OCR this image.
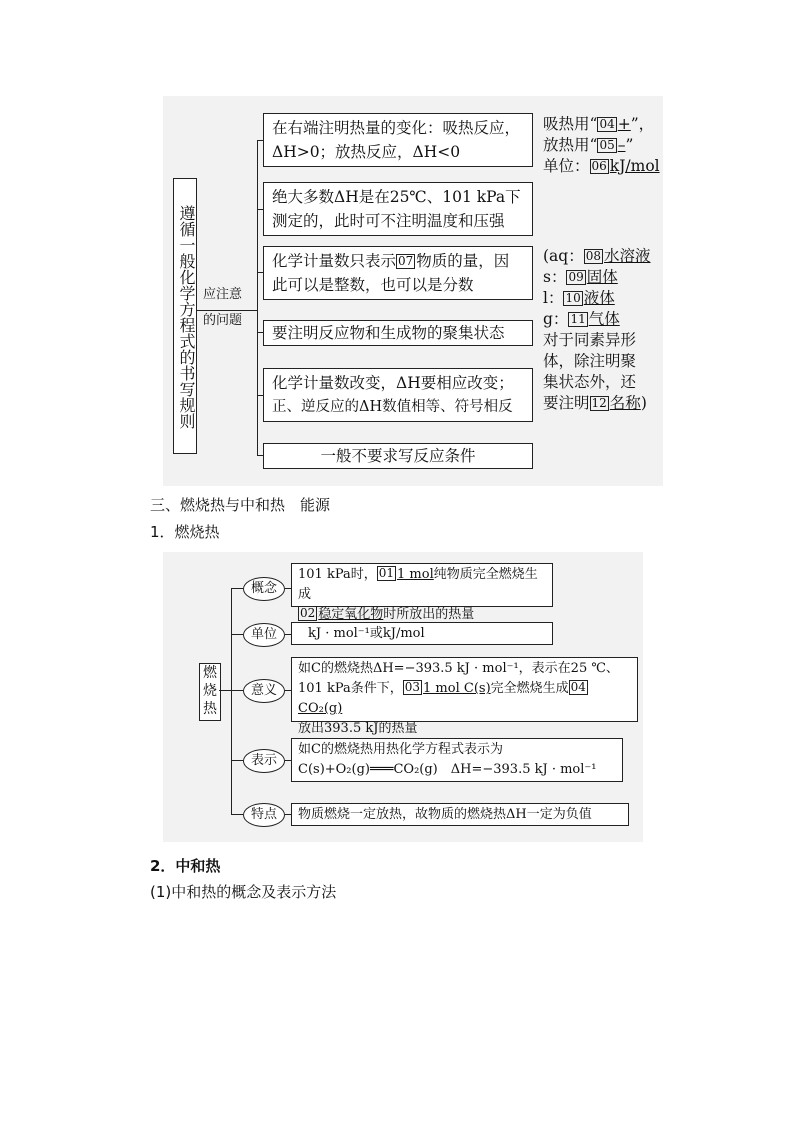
遵循一般化学方程式的书写规则 应注意
的问题
在右端注明热量的变化：吸热反应，
ΔH>0；放热反应，ΔH<0
绝大多数ΔH是在25℃、101 kPa下
测定的，此时可不注明温度和压强
化学计量数只表示 07 物质的量，因
此可以是整数，也可以是分数
要注明反应物和生成物的聚集状态
化学计量数改变，ΔH要相应改变；
正、逆反应的ΔH数值相等、符号相反
一般不要求写反应条件
吸热用“ 04 +”，
放热用“ 05 –”
单位： 06 kJ/mol
(aq： 08 水溶液
s： 09 固体
l： 10 液体
g： 11 气体
对于同素异形
体，除注明聚
集状态外，还
要注明 12 名称)
三、燃烧热与中和热　能源
1．燃烧热
燃烧热
概念
单位
意义
表示
特点
101 kPa时， 01 1 mol纯物质完全燃烧生成
02 稳定氧化物时所放出的热量
kJ · mol⁻¹或kJ/mol
如C的燃烧热ΔH=−393.5 kJ · mol⁻¹，表示在25 ℃、
101 kPa条件下， 03 1 mol C(s)完全燃烧生成 04CO₂(g)
放出393.5 kJ的热量
如C的燃烧热用热化学方程式表示为
C(s)+O₂(g)═══CO₂(g)　ΔH=−393.5 kJ · mol⁻¹
物质燃烧一定放热，故物质的燃烧热ΔH一定为负值
2．中和热
(1)中和热的概念及表示方法
